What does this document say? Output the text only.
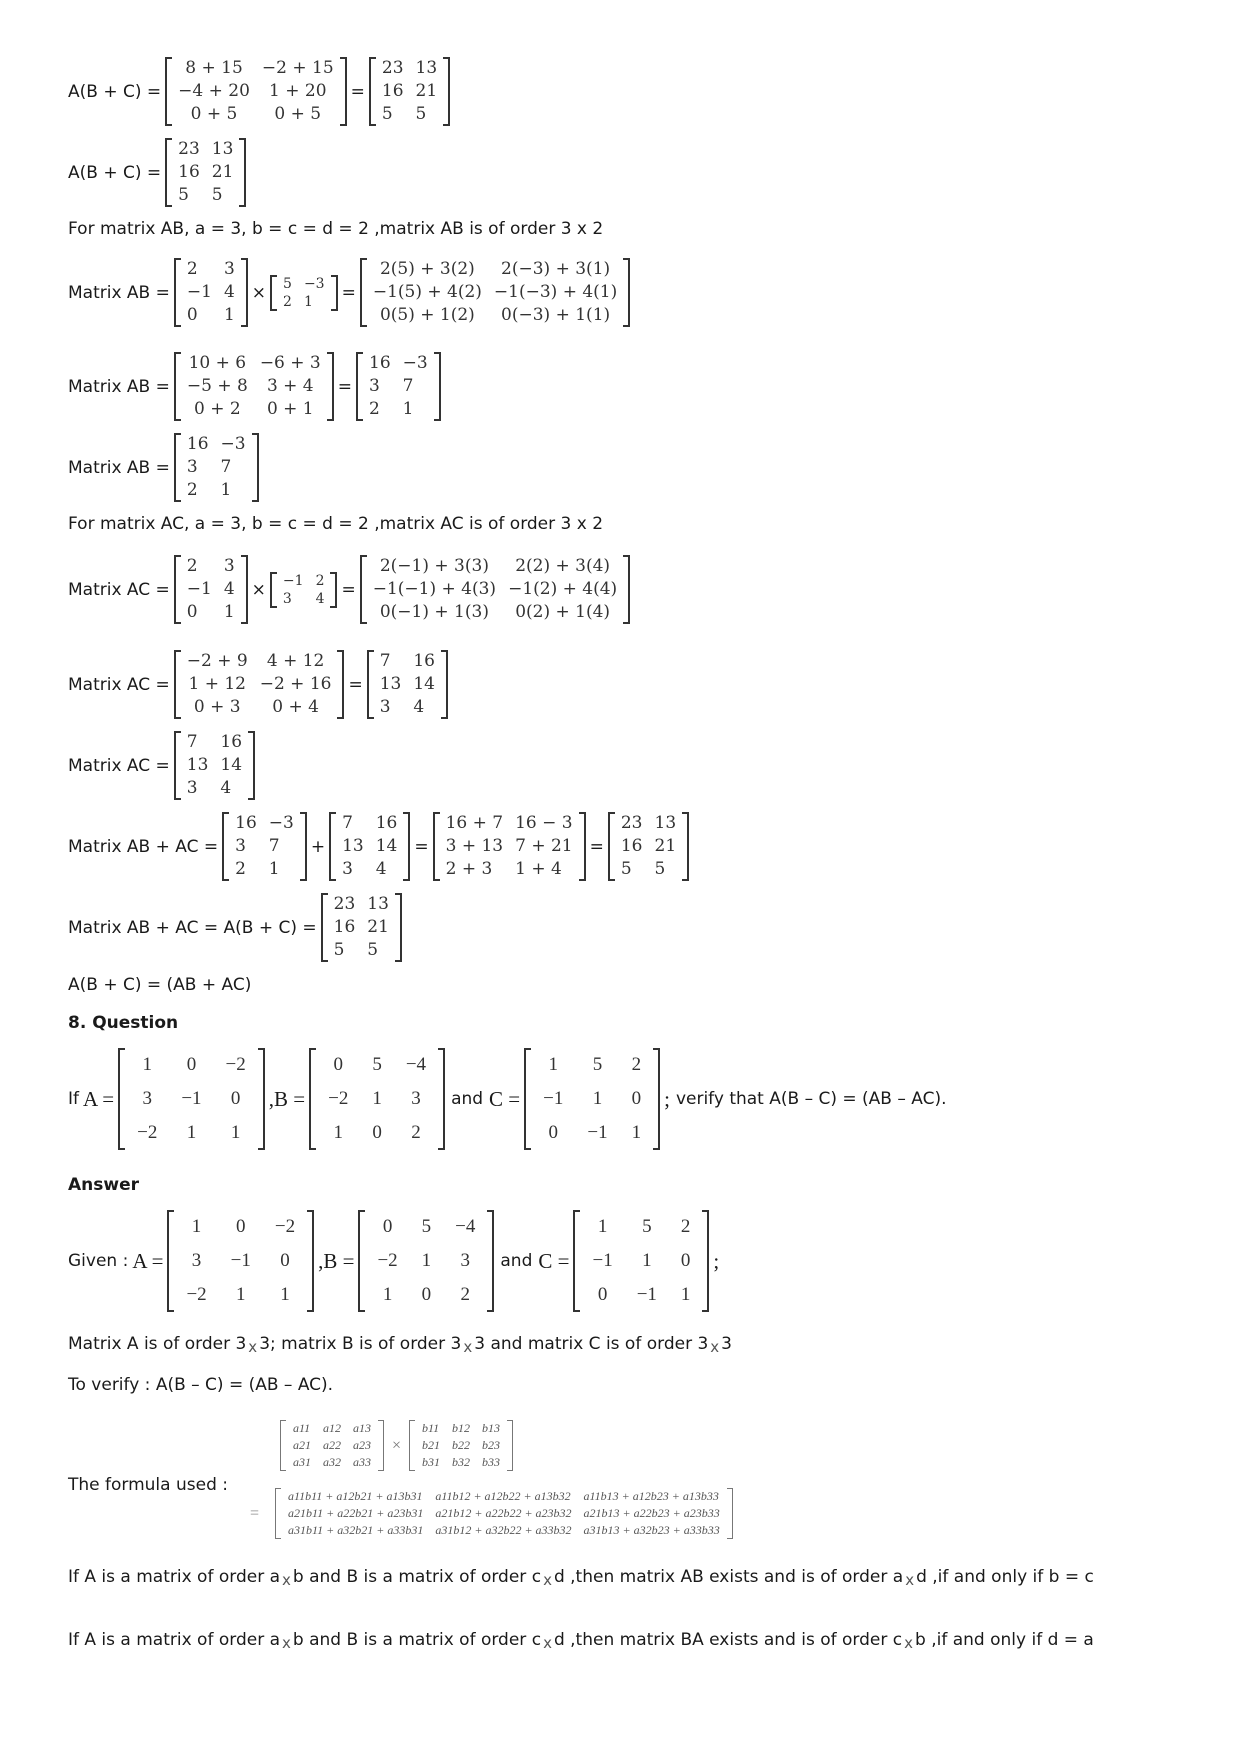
A(B + C) =
8 + 15	−2 + 15
−4 + 20	1 + 20
0 + 5	0 + 5
=
23	13
16	21
5	5
A(B + C) =
23	13
16	21
5	5
For matrix AB, a = 3, b = c = d = 2 ,matrix AB is of order 3 x 2
Matrix AB =
2	3
−1	4
0	1
× 5	−3
2	1 =
2(5) + 3(2)	2(−3) + 3(1)
−1(5) + 4(2)	−1(−3) + 4(1)
0(5) + 1(2)	0(−3) + 1(1)
Matrix AB =
10 + 6	−6 + 3
−5 + 8	3 + 4
0 + 2	0 + 1
=
16	−3
3	7
2	1
Matrix AB =
16	−3
3	7
2	1
For matrix AC, a = 3, b = c = d = 2 ,matrix AC is of order 3 x 2
Matrix AC =
2	3
−1	4
0	1
× −1	2
3	4 =
2(−1) + 3(3)	2(2) + 3(4)
−1(−1) + 4(3)	−1(2) + 4(4)
0(−1) + 1(3)	0(2) + 1(4)
Matrix AC =
−2 + 9	4 + 12
1 + 12	−2 + 16
0 + 3	0 + 4
=
7	16
13	14
3	4
Matrix AC =
7	16
13	14
3	4
Matrix AB + AC =
16	−3
3	7
2	1
+
7	16
13	14
3	4
=
16 + 7	16 − 3
3 + 13	7 + 21
2 + 3	1 + 4
=
23	13
16	21
5	5
Matrix AB + AC = A(B + C) =
23	13
16	21
5	5
A(B + C) = (AB + AC)
8. Question
If A =
1	0	−2
3	−1	0
−2	1	1
,B =
0	5	−4
−2	1	3
1	0	2
and C =
1	5	2
−1	1	0
0	−1	1
; verify that A(B – C) = (AB – AC).
Answer
Given : A =
1	0	−2
3	−1	0
−2	1	1
,B =
0	5	−4
−2	1	3
1	0	2
and C =
1	5	2
−1	1	0
0	−1	1
;
Matrix A is of order 3 x 3; matrix B is of order 3 x 3 and matrix C is of order 3 x 3
To verify : A(B – C) = (AB – AC).
The formula used :
a11	a12	a13
a21	a22	a23
a31	a32	a33
×
b11	b12	b13
b21	b22	b23
b31	b32	b33
=
a11b11 + a12b21 + a13b31	a11b12 + a12b22 + a13b32	a11b13 + a12b23 + a13b33
a21b11 + a22b21 + a23b31	a21b12 + a22b22 + a23b32	a21b13 + a22b23 + a23b33
a31b11 + a32b21 + a33b31	a31b12 + a32b22 + a33b32	a31b13 + a32b23 + a33b33
If A is a matrix of order a x b and B is a matrix of order c x d ,then matrix AB exists and is of order a x d ,if and only if b = c
If A is a matrix of order a x b and B is a matrix of order c x d ,then matrix BA exists and is of order c x b ,if and only if d = a
